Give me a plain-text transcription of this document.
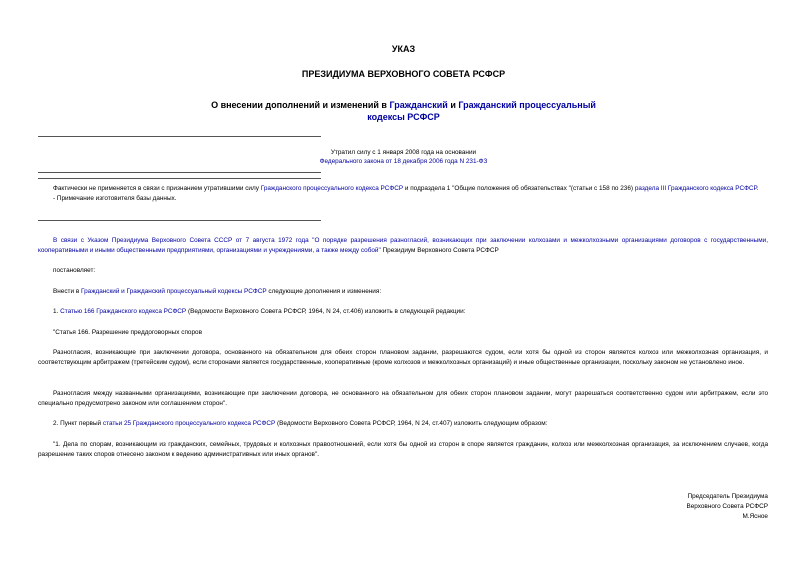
УКАЗ
ПРЕЗИДИУМА ВЕРХОВНОГО СОВЕТА РСФСР
О внесении дополнений и изменений в Гражданский и Гражданский процессуальный кодексы РСФСР
Утратил силу с 1 января 2008 года на основании
Федерального закона от 18 декабря 2006 года N 231-ФЗ
Фактически не применяется в связи с признанием утратившими силу Гражданского процессуального кодекса РСФСР и подраздела 1 "Общие положения об обязательствах "(статьи с 158 по 236) раздела III Гражданского кодекса РСФСР.
- Примечание изготовителя базы данных.
В связи с Указом Президиума Верховного Совета СССР от 7 августа 1972 года "О порядке разрешения разногласий, возникающих при заключении колхозами и межколхозными организациями договоров с государственными, кооперативными и иными общественными предприятиями, организациями и учреждениями, а также между собой" Президиум Верховного Совета РСФСР
постановляет:
Внести в Гражданский и Гражданский процессуальный кодексы РСФСР следующие дополнения и изменения:
1. Статью 166 Гражданского кодекса РСФСР (Ведомости Верховного Совета РСФСР, 1964, N 24, ст.406) изложить в следующей редакции:
"Статья 166. Разрешение преддоговорных споров
Разногласия, возникающие при заключении договора, основанного на обязательном для обеих сторон плановом задании, разрешаются судом, если хотя бы одной из сторон является колхоз или межколхозная организация, и соответствующим арбитражем (третейским судом), если сторонами является государственные, кооперативные (кроме колхозов и межколхозных организаций) и иные общественные организации, поскольку законом не установлено иное.
Разногласия между названными организациями, возникающие при заключении договора, не основанного на обязательном для обеих сторон плановом задании, могут разрешаться соответственно судом или арбитражем, если это специально предусмотрено законом или соглашением сторон".
2. Пункт первый статьи 25 Гражданского процессуального кодекса РСФСР (Ведомости Верховного Совета РСФСР, 1964, N 24, ст.407) изложить следующим образом:
"1. Дела по спорам, возникающим из гражданских, семейных, трудовых и колхозных правоотношений, если хотя бы одной из сторон в споре является гражданин, колхоз или межколхозная организация, за исключением случаев, когда разрешение таких споров отнесено законом к ведению административных или иных органов".
Председатель Президиума
Верховного Совета РСФСР
М.Ясное
